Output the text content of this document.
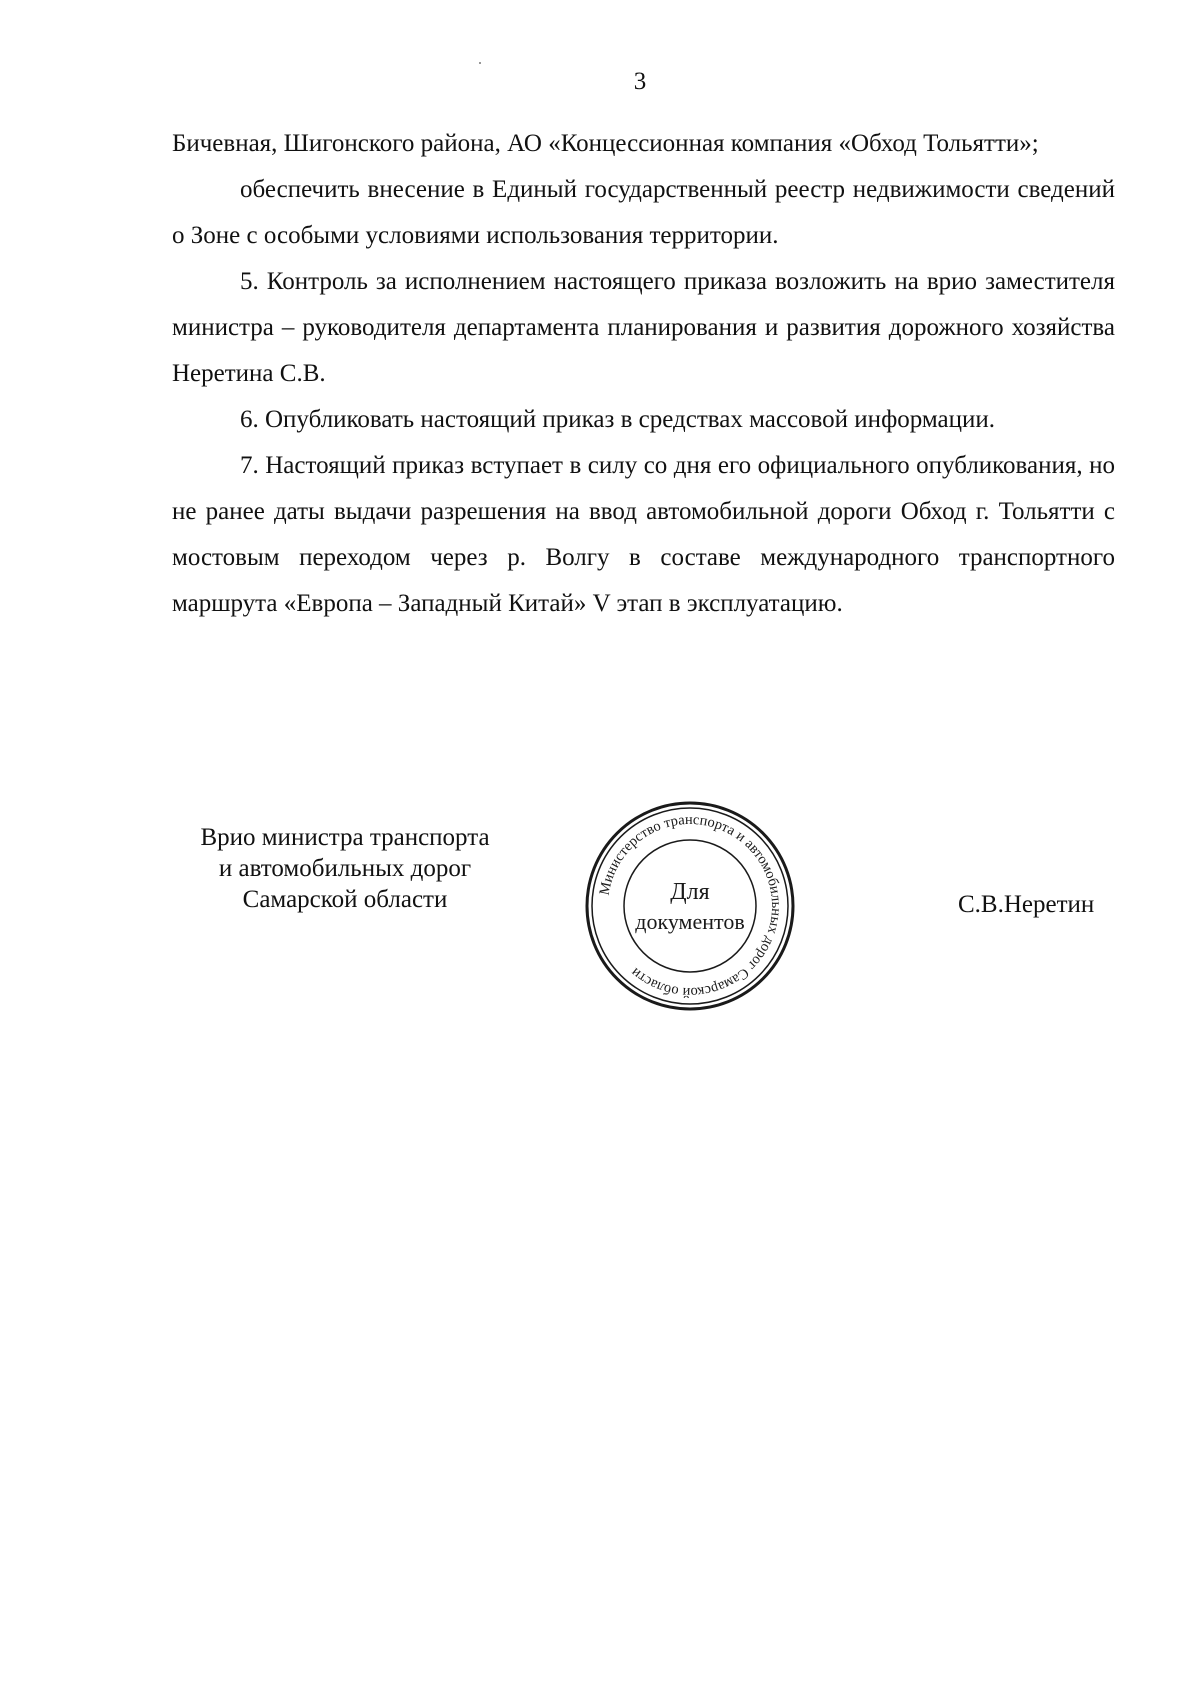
3

Бичевная, Шигонского района, АО «Концессионная компания «Обход Тольятти»;

обеспечить внесение в Единый государственный реестр недвижимости сведений о Зоне с особыми условиями использования территории.

5. Контроль за исполнением настоящего приказа возложить на врио заместителя министра – руководителя департамента планирования и развития дорожного хозяйства Неретина С.В.

6. Опубликовать настоящий приказ в средствах массовой информации.

7. Настоящий приказ вступает в силу со дня его официального опубликования, но не ранее даты выдачи разрешения на ввод автомобильной дороги Обход г. Тольятти с мостовым переходом через р. Волгу в составе международного транспортного маршрута «Европа – Западный Китай» V этап в эксплуатацию.

Врио министра транспорта
и автомобильных дорог
Самарской области	Министерство транспорта и автомобильных дорог Самарской области
Для
документов
С.В.Неретин
